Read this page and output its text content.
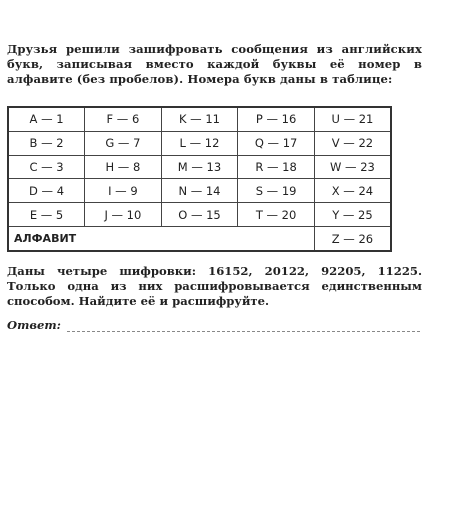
Друзья решили зашифровать сообщения из английских букв, записывая вместо каждой буквы её номер в алфавите (без пробелов). Номера букв даны в таблице:
A — 1	F — 6	K — 11	P — 16	U — 21
B — 2	G — 7	L — 12	Q — 17	V — 22
C — 3	H — 8	M — 13	R — 18	W — 23
D — 4	I — 9	N — 14	S — 19	X — 24
E — 5	J — 10	O — 15	T — 20	Y — 25
АЛФАВИТ				Z — 26
Даны четыре шифровки: 16152, 20122, 92205, 11225. Только одна из них расшифровывается единственным способом. Найдите её и расшифруйте.
Ответ:
